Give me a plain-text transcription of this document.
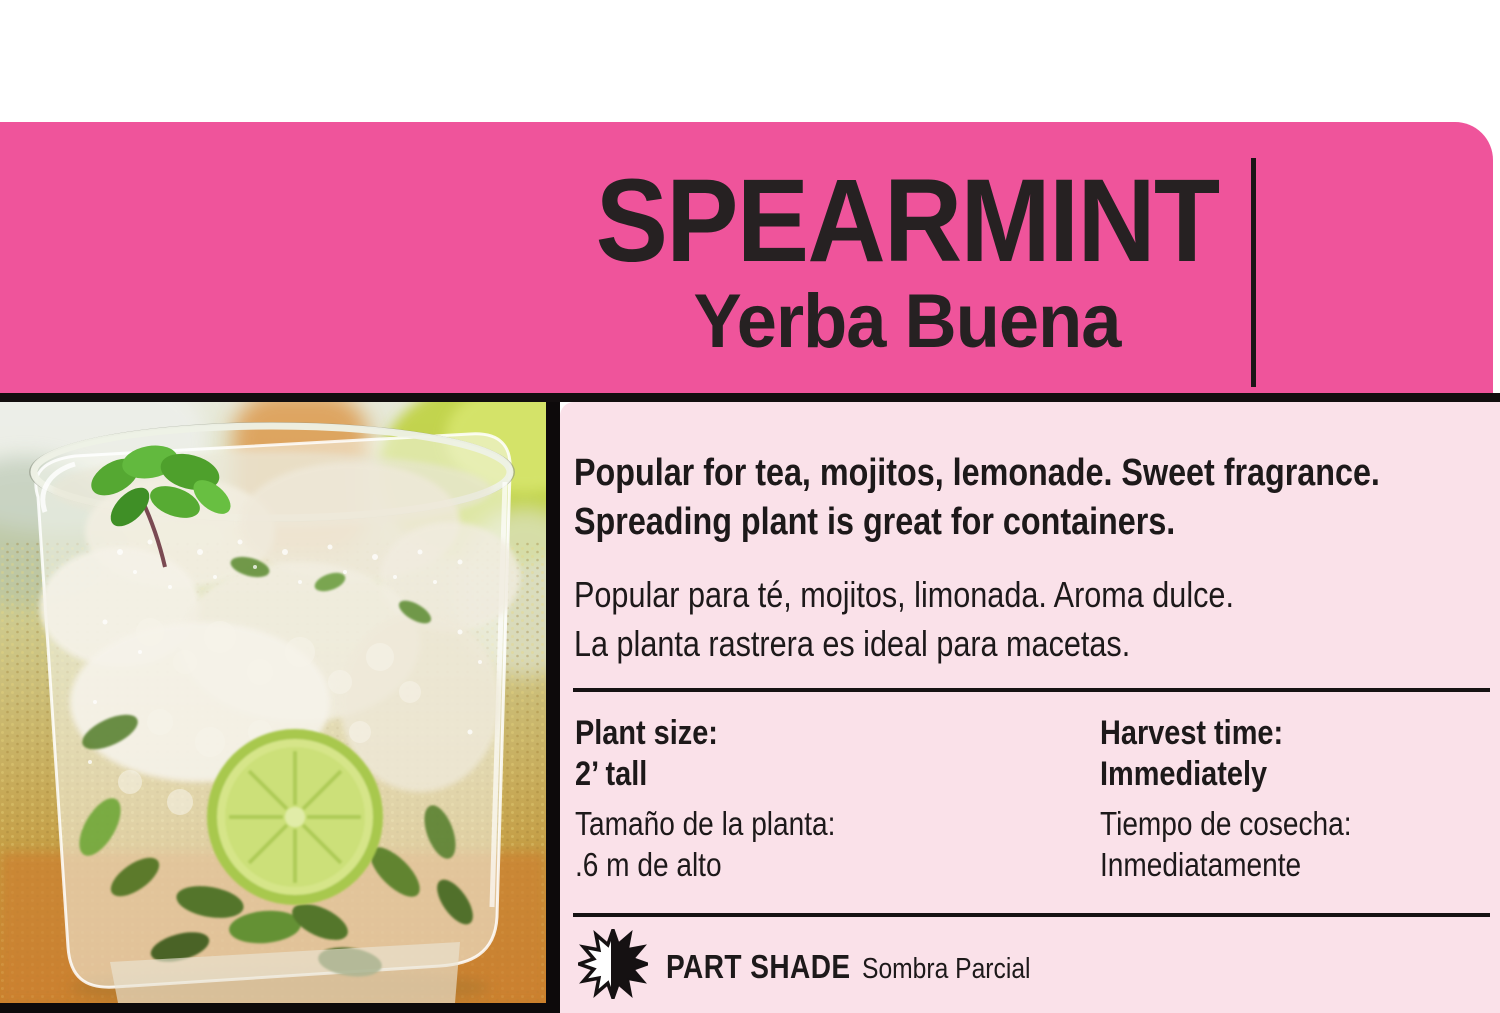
SPEARMINT
Yerba Buena
Popular for tea, mojitos, lemonade. Sweet fragrance.
Spreading plant is great for containers.
Popular para té, mojitos, limonada. Aroma dulce.
La planta rastrera es ideal para macetas.
Plant size:
2’ tall
Harvest time:
Immediately
Tamaño de la planta:
.6 m de alto
Tiempo de cosecha:
Inmediatamente
PART SHADE Sombra Parcial
